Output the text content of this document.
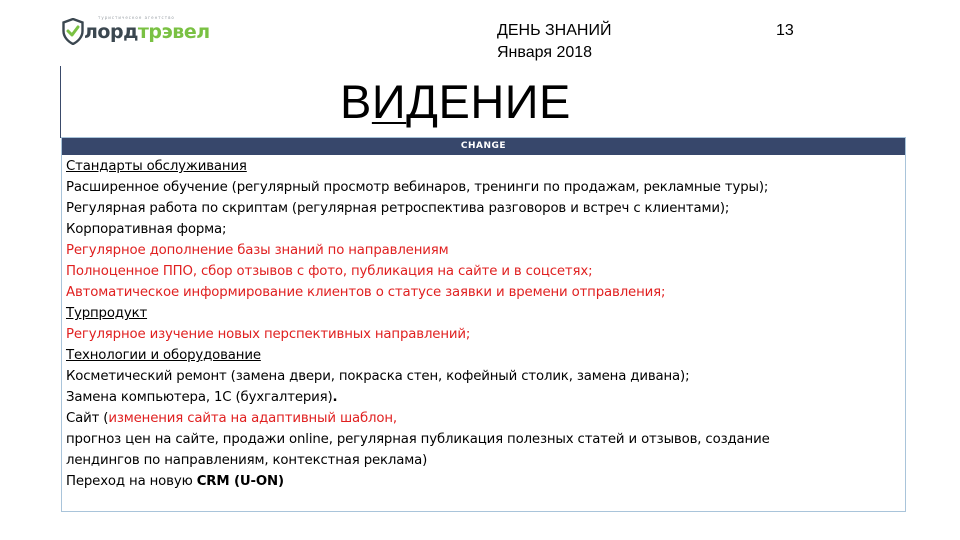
туристическое агентство
лордтрэвел	ДЕНЬ ЗНАНИЙ
Января 2018
13
ВИДЕНИЕ
CHANGE
Стандарты обслуживания
Расширенное обучение (регулярный просмотр вебинаров, тренинги по продажам, рекламные туры);
Регулярная работа по скриптам (регулярная ретроспектива разговоров и встреч с клиентами);
Корпоративная форма;
Регулярное дополнение базы знаний по направлениям
Полноценное ППО, сбор отзывов с фото, публикация на сайте и в соцсетях;
Автоматическое информирование клиентов о статусе заявки и времени отправления;
Турпродукт
Регулярное изучение новых перспективных направлений;
Технологии и оборудование
Косметический ремонт (замена двери, покраска стен, кофейный столик, замена дивана);
Замена компьютера, 1С (бухгалтерия).
Сайт (изменения сайта на адаптивный шаблон,
прогноз цен на сайте, продажи online, регулярная публикация полезных статей и отзывов, создание
лендингов по направлениям, контекстная реклама)
Переход на новую CRM (U-ON)
